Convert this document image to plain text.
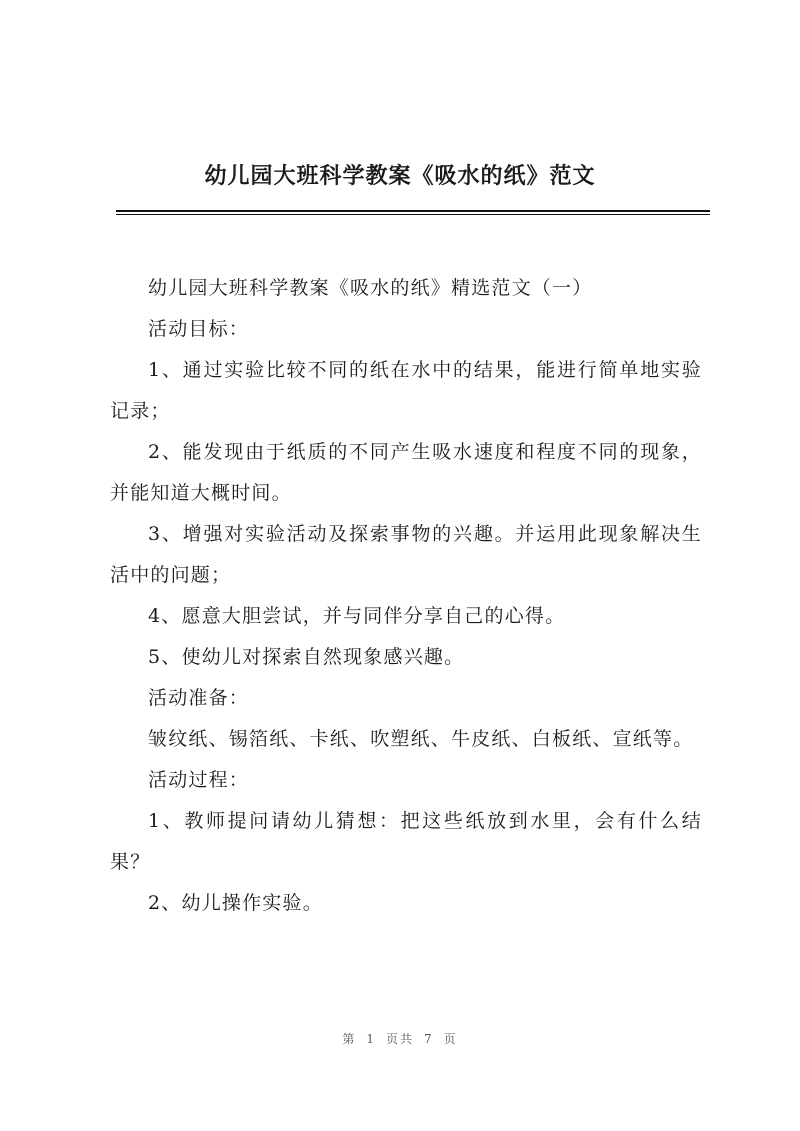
幼儿园大班科学教案《吸水的纸》范文

幼儿园大班科学教案《吸水的纸》精选范文（一）

活动目标：

1、通过实验比较不同的纸在水中的结果，能进行简单地实验记录；

2、能发现由于纸质的不同产生吸水速度和程度不同的现象，并能知道大概时间。

3、增强对实验活动及探索事物的兴趣。并运用此现象解决生活中的问题；

4、愿意大胆尝试，并与同伴分享自己的心得。

5、使幼儿对探索自然现象感兴趣。

活动准备：

皱纹纸、锡箔纸、卡纸、吹塑纸、牛皮纸、白板纸、宣纸等。

活动过程：

1、教师提问请幼儿猜想：把这些纸放到水里，会有什么结果？

2、幼儿操作实验。

第 1 页共 7 页
